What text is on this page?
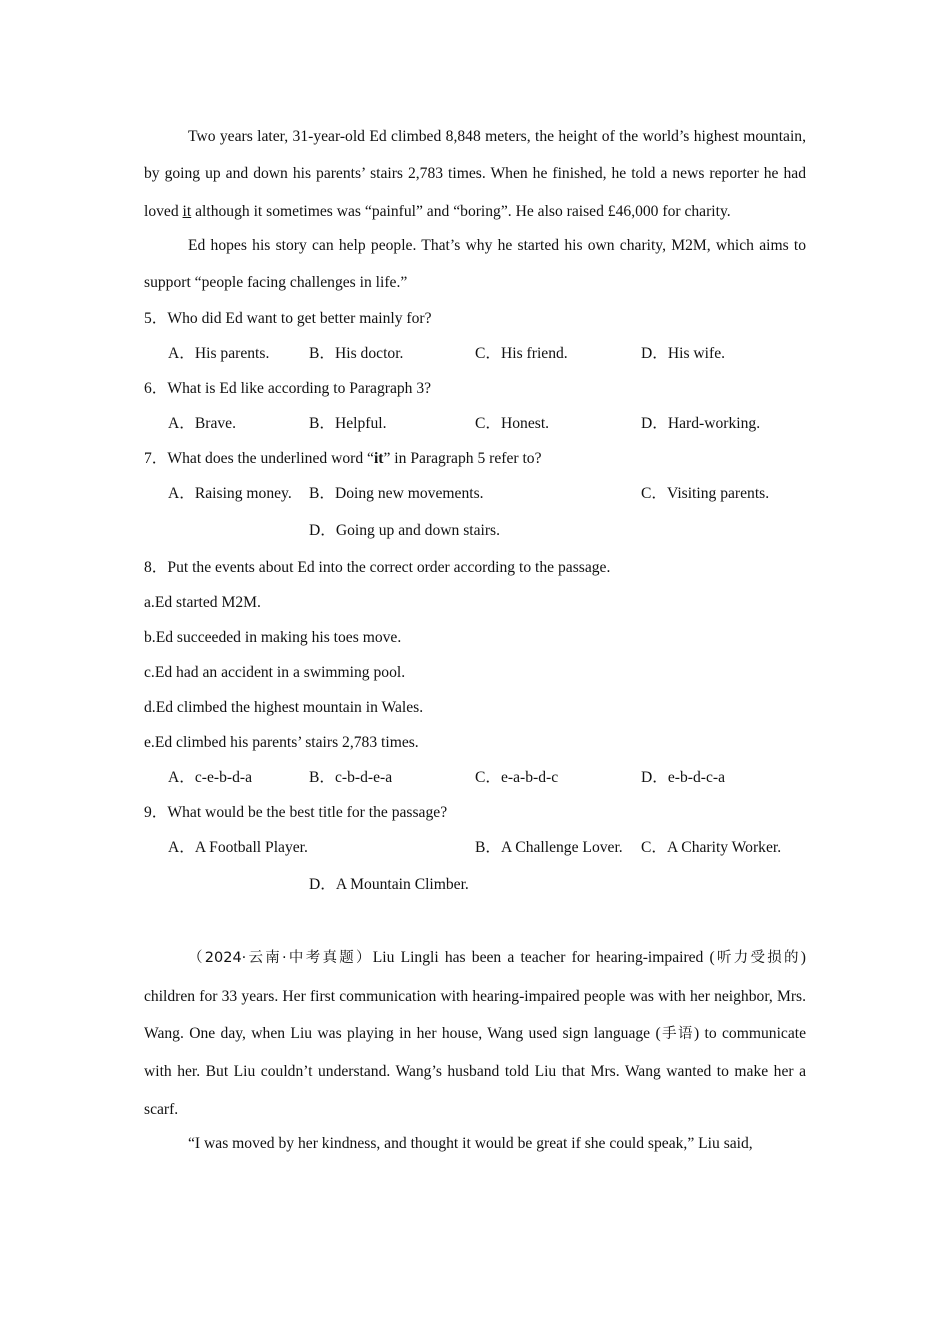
Two years later, 31-year-old Ed climbed 8,848 meters, the height of the world’s highest mountain, by going up and down his parents’ stairs 2,783 times. When he finished, he told a news reporter he had loved it although it sometimes was “painful” and “boring”. He also raised £46,000 for charity.

Ed hopes his story can help people. That’s why he started his own charity, M2M, which aims to support “people facing challenges in life.”

5．Who did Ed want to get better mainly for?
A．His parents.	B．His doctor.	C．His friend.	D．His wife.
6．What is Ed like according to Paragraph 3?
A．Brave.	B．Helpful.	C．Honest.	D．Hard-working.
7．What does the underlined word “it” in Paragraph 5 refer to?
A．Raising money. B．Doing new movements.	C．Visiting parents.
D．Going up and down stairs.
8．Put the events about Ed into the correct order according to the passage.
a.Ed started M2M.
b.Ed succeeded in making his toes move.
c.Ed had an accident in a swimming pool.
d.Ed climbed the highest mountain in Wales.
e.Ed climbed his parents’ stairs 2,783 times.
A．c-e-b-d-a	B．c-b-d-e-a	C．e-a-b-d-c	D．e-b-d-c-a
9．What would be the best title for the passage?
A．A Football Player.	B．A Challenge Lover. C．A Charity Worker.
D．A Mountain Climber.

（2024·云南·中考真题）Liu Lingli has been a teacher for hearing-impaired (听力受损的) children for 33 years. Her first communication with hearing-impaired people was with her neighbor, Mrs. Wang. One day, when Liu was playing in her house, Wang used sign language (手语) to communicate with her. But Liu couldn’t understand. Wang’s husband told Liu that Mrs. Wang wanted to make her a scarf.

“I was moved by her kindness, and thought it would be great if she could speak,” Liu said,
